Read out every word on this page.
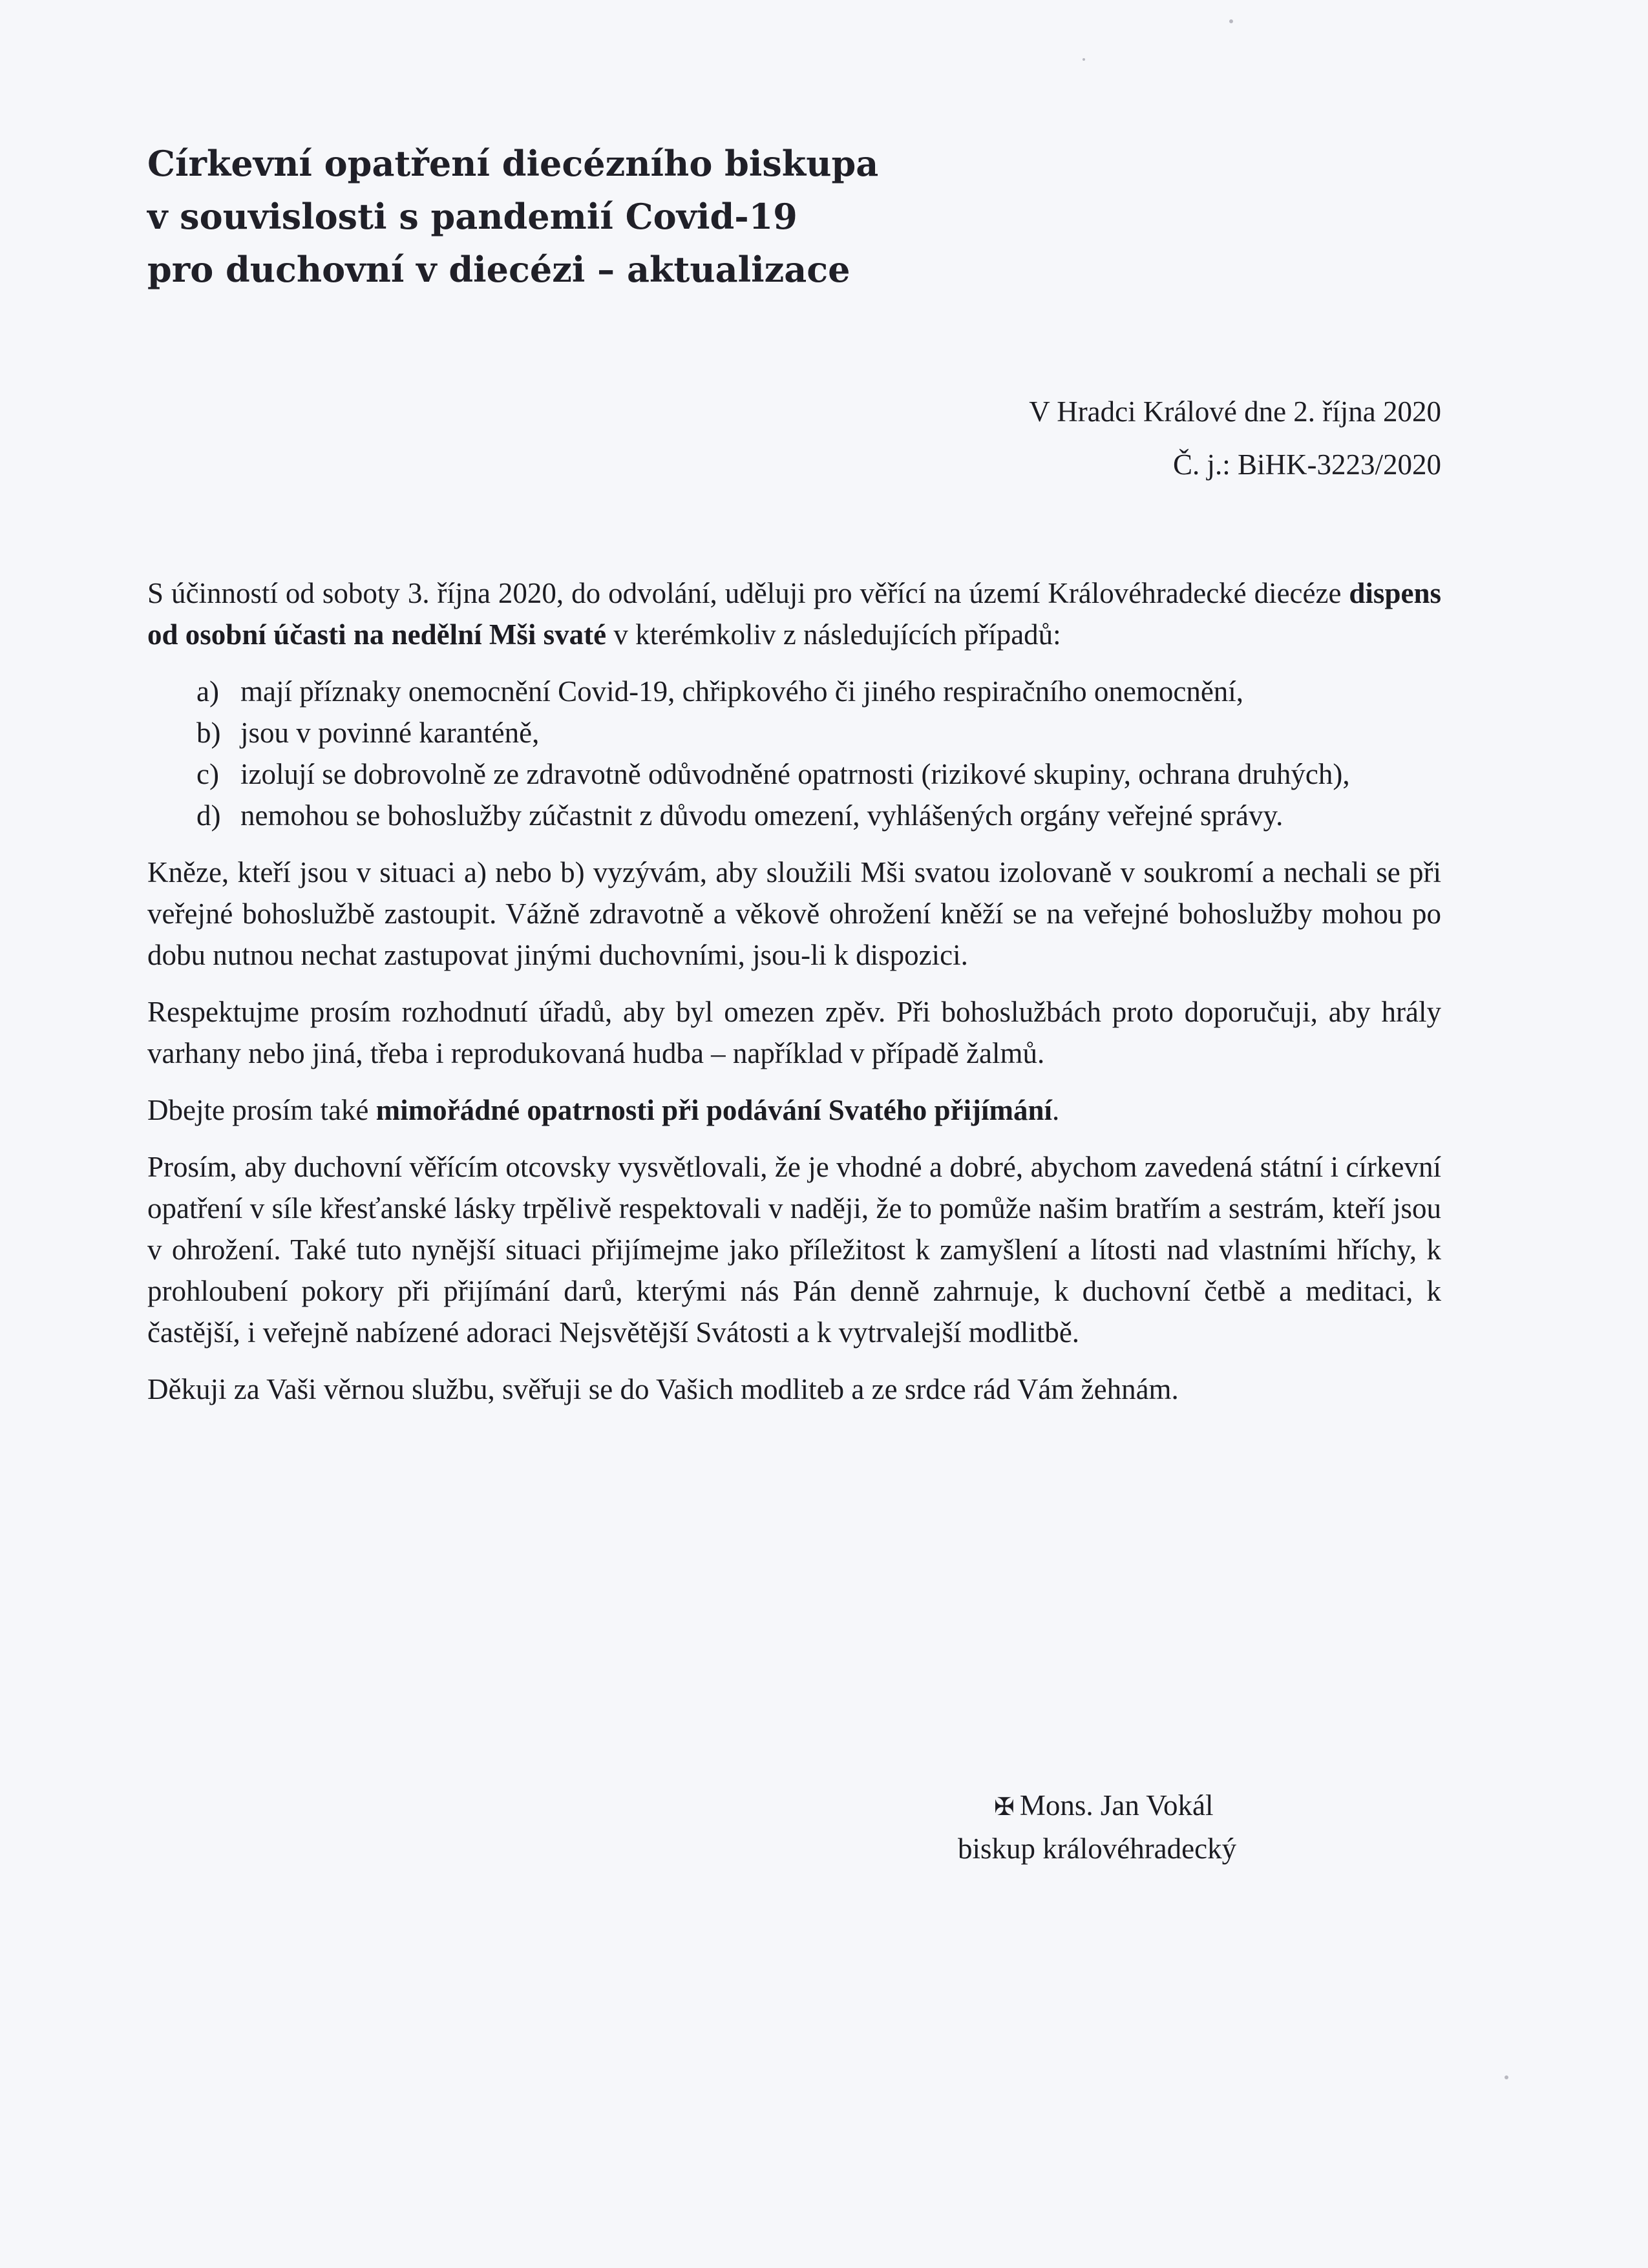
Církevní opatření diecézního biskupa
v souvislosti s pandemií Covid-19
pro duchovní v diecézi – aktualizace
V Hradci Králové dne 2. října 2020
Č. j.: BiHK-3223/2020

S účinností od soboty 3. října 2020, do odvolání, uděluji pro věřící na území Královéhradecké diecéze dispens od osobní účasti na nedělní Mši svaté v kterémkoliv z následujících případů:

a) mají příznaky onemocnění Covid-19, chřipkového či jiného respiračního onemocnění,
b) jsou v povinné karanténě,
c) izolují se dobrovolně ze zdravotně odůvodněné opatrnosti (rizikové skupiny, ochrana druhých),
d) nemohou se bohoslužby zúčastnit z důvodu omezení, vyhlášených orgány veřejné správy.

Kněze, kteří jsou v situaci a) nebo b) vyzývám, aby sloužili Mši svatou izolovaně v soukromí a nechali se při veřejné bohoslužbě zastoupit. Vážně zdravotně a věkově ohrožení kněží se na veřejné bohoslužby mohou po dobu nutnou nechat zastupovat jinými duchovními, jsou-li k dispozici.

Respektujme prosím rozhodnutí úřadů, aby byl omezen zpěv. Při bohoslužbách proto doporučuji, aby hrály varhany nebo jiná, třeba i reprodukovaná hudba – například v případě žalmů.

Dbejte prosím také mimořádné opatrnosti při podávání Svatého přijímání.

Prosím, aby duchovní věřícím otcovsky vysvětlovali, že je vhodné a dobré, abychom zavedená státní i církevní opatření v síle křesťanské lásky trpělivě respektovali v naději, že to pomůže našim bratřím a sestrám, kteří jsou v ohrožení. Také tuto nynější situaci přijímejme jako příležitost k zamyšlení a lítosti nad vlastními hříchy, k prohloubení pokory při přijímání darů, kterými nás Pán denně zahrnuje, k duchovní četbě a meditaci, k častější, i veřejně nabízené adoraci Nejsvětější Svátosti a k vytrvalejší modlitbě.

Děkuji za Vaši věrnou službu, svěřuji se do Vašich modliteb a ze srdce rád Vám žehnám.

✠ Mons. Jan Vokál
biskup královéhradecký
